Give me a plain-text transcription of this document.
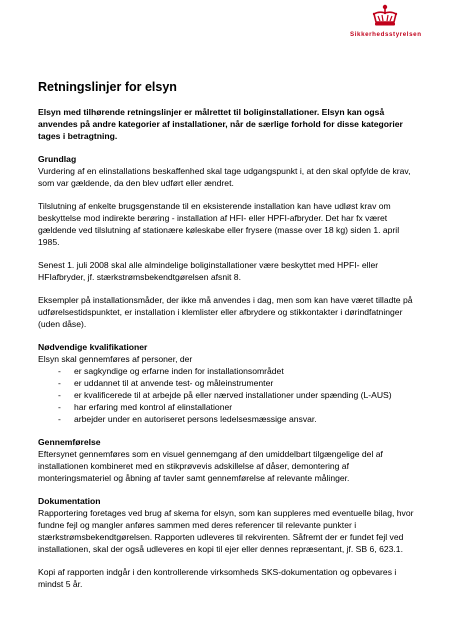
Sikkerhedsstyrelsen
Retningslinjer for elsyn

Elsyn med tilhørende retningslinjer er målrettet til boliginstallationer. Elsyn kan også anvendes på andre kategorier af installationer, når de særlige forhold for disse kategorier tages i betragtning.

Grundlag

Vurdering af en elinstallations beskaffenhed skal tage udgangspunkt i, at den skal opfylde de krav, som var gældende, da den blev udført eller ændret.

Tilslutning af enkelte brugsgenstande til en eksisterende installation kan have udløst krav om beskyttelse mod indirekte berøring - installation af HFI- eller HPFI-afbryder. Det har fx været gældende ved tilslutning af stationære køleskabe eller frysere (masse over 18 kg) siden 1. april 1985.

Senest 1. juli 2008 skal alle almindelige boliginstallationer være beskyttet med HPFI- eller HFIafbryder, jf. stærkstrømsbekendtgørelsen afsnit 8.

Eksempler på installationsmåder, der ikke må anvendes i dag, men som kan have været tilladte på udførelsestidspunktet, er installation i klemlister eller afbrydere og stikkontakter i dørindfatninger (uden dåse).

Nødvendige kvalifikationer
Elsyn skal gennemføres af personer, der
- er sagkyndige og erfarne inden for installationsområdet
- er uddannet til at anvende test- og måleinstrumenter
- er kvalificerede til at arbejde på eller nærved installationer under spænding (L-AUS)
- har erfaring med kontrol af elinstallationer
- arbejder under en autoriseret persons ledelsesmæssige ansvar.
Gennemførelse

Eftersynet gennemføres som en visuel gennemgang af den umiddelbart tilgængelige del af installationen kombineret med en stikprøvevis adskillelse af dåser, demontering af monteringsmateriel og åbning af tavler samt gennemførelse af relevante målinger.

Dokumentation

Rapportering foretages ved brug af skema for elsyn, som kan suppleres med eventuelle bilag, hvor fundne fejl og mangler anføres sammen med deres referencer til relevante punkter i stærkstrømsbekendtgørelsen. Rapporten udleveres til rekvirenten. Såfremt der er fundet fejl ved installationen, skal der også udleveres en kopi til ejer eller dennes repræsentant, jf. SB 6, 623.1.

Kopi af rapporten indgår i den kontrollerende virksomheds SKS-dokumentation og opbevares i mindst 5 år.
